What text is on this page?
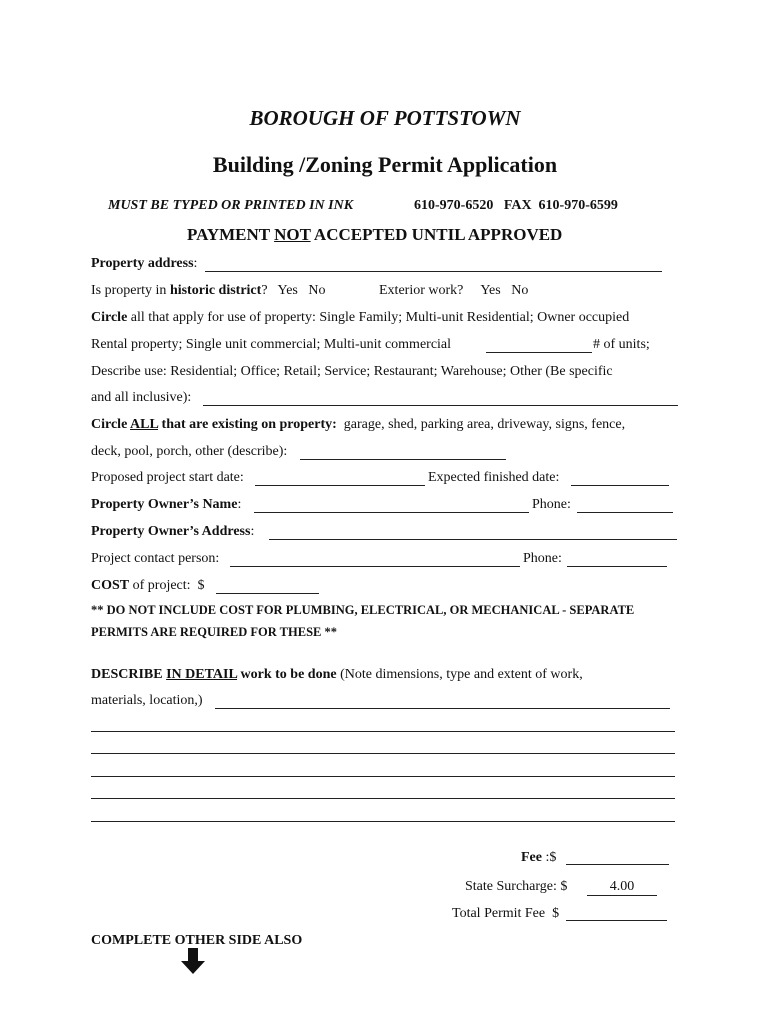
BOROUGH OF POTTSTOWN
Building /Zoning Permit Application
MUST BE TYPED OR PRINTED IN INK	610-970-6520   FAX  610-970-6599
PAYMENT NOT ACCEPTED UNTIL APPROVED
Property address:
Is property in historic district?   Yes   No	Exterior work?     Yes   No
Circle all that apply for use of property: Single Family; Multi-unit Residential; Owner occupied
Rental property; Single unit commercial; Multi-unit commercial	# of units;
Describe use: Residential; Office; Retail; Service; Restaurant; Warehouse; Other (Be specific
and all inclusive):
Circle ALL that are existing on property: garage, shed, parking area, driveway, signs, fence,
deck, pool, porch, other (describe):
Proposed project start date:	Expected finished date:
Property Owner’s Name:	Phone:
Property Owner’s Address:
Project contact person:	Phone:
COST of project:  $
** DO NOT INCLUDE COST FOR PLUMBING, ELECTRICAL, OR MECHANICAL - SEPARATE
PERMITS ARE REQUIRED FOR THESE **
DESCRIBE IN DETAIL work to be done (Note dimensions, type and extent of work,
materials, location,)
Fee :$
State Surcharge: $	4.00
Total Permit Fee  $
COMPLETE OTHER SIDE ALSO
